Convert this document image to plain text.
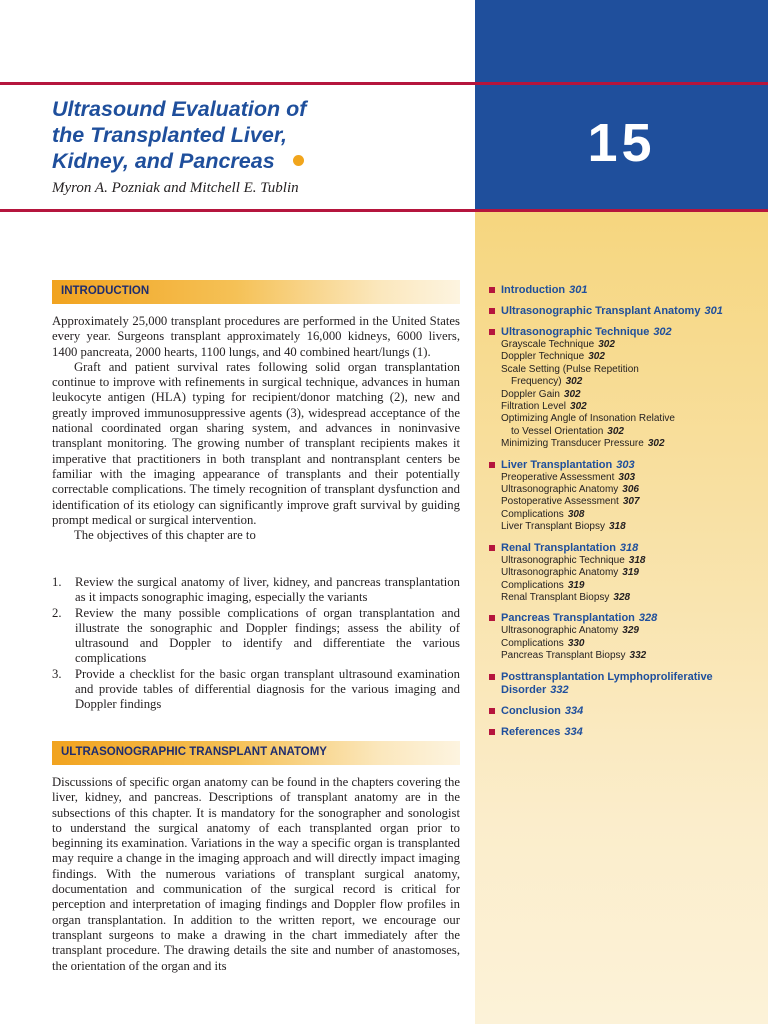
15
Ultrasound Evaluation of
the Transplanted Liver,
Kidney, and Pancreas
Myron A. Pozniak and Mitchell E. Tublin
INTRODUCTION

Approximately 25,000 transplant procedures are performed in the United States every year. Surgeons transplant approximately 16,000 kidneys, 6000 livers, 1400 pancreata, 2000 hearts, 1100 lungs, and 40 combined heart/lungs (1).

Graft and patient survival rates following solid organ transplantation continue to improve with refinements in surgical technique, advances in human leukocyte antigen (HLA) typing for recipient/donor matching (2), new and greatly improved immunosuppressive agents (3), widespread acceptance of the national coordinated organ sharing system, and advances in noninvasive transplant monitoring. The growing number of transplant recipients makes it imperative that practitioners in both transplant and nontransplant centers be familiar with the imaging appearance of transplants and their potentially correctable complications. The timely recognition of transplant dysfunction and identification of its etiology can significantly improve graft survival by guiding prompt medical or surgical intervention.

The objectives of this chapter are to

1. Review the surgical anatomy of liver, kidney, and pancreas transplantation as it impacts sonographic imaging, especially the variants
2. Review the many possible complications of organ transplantation and illustrate the sonographic and Doppler findings; assess the ability of ultrasound and Doppler to identify and differentiate the various complications
3. Provide a checklist for the basic organ transplant ultrasound examination and provide tables of differential diagnosis for the various imaging and Doppler findings
ULTRASONOGRAPHIC TRANSPLANT ANATOMY

Discussions of specific organ anatomy can be found in the chapters covering the liver, kidney, and pancreas. Descriptions of transplant anatomy are in the subsections of this chapter. It is mandatory for the sonographer and sonologist to understand the surgical anatomy of each transplanted organ prior to beginning its examination. Variations in the way a specific organ is transplanted may require a change in the imaging approach and will directly impact imaging findings. With the numerous variations of transplant surgical anatomy, documentation and communication of the surgical record is critical for perception and interpretation of imaging findings and Doppler flow profiles in organ transplantation. In addition to the written report, we encourage our transplant surgeons to make a drawing in the chart immediately after the transplant procedure. The drawing details the site and number of anastomoses, the orientation of the organ and its

Introduction 301
Ultrasonographic Transplant Anatomy 301
Ultrasonographic Technique 302
Grayscale Technique 302
Doppler Technique 302
Scale Setting (Pulse Repetition
Frequency) 302
Doppler Gain 302
Filtration Level 302
Optimizing Angle of Insonation Relative
to Vessel Orientation 302
Minimizing Transducer Pressure 302
Liver Transplantation 303
Preoperative Assessment 303
Ultrasonographic Anatomy 306
Postoperative Assessment 307
Complications 308
Liver Transplant Biopsy 318
Renal Transplantation 318
Ultrasonographic Technique 318
Ultrasonographic Anatomy 319
Complications 319
Renal Transplant Biopsy 328
Pancreas Transplantation 328
Ultrasonographic Anatomy 329
Complications 330
Pancreas Transplant Biopsy 332
Posttransplantation Lymphoproliferative Disorder 332
Conclusion 334
References 334
